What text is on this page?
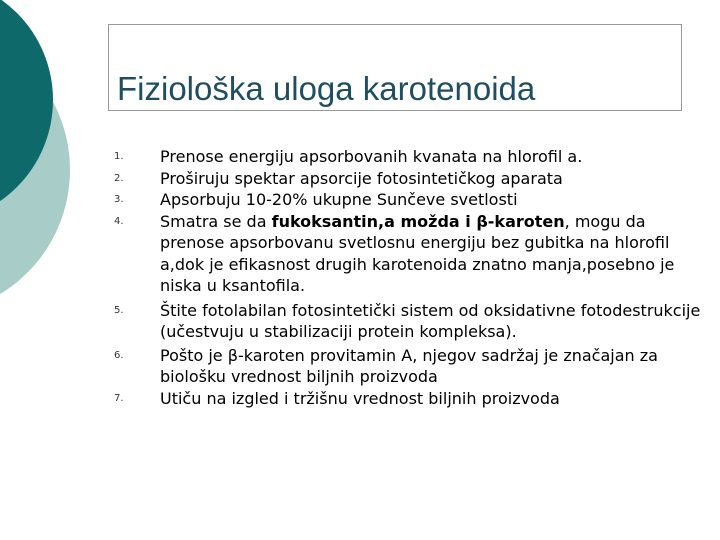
Fiziološka uloga karotenoida
1. Prenose energiju apsorbovanih kvanata na hlorofil a.
2. Proširuju spektar apsorcije fotosintetičkog aparata
3. Apsorbuju 10-20% ukupne Sunčeve svetlosti
4. Smatra se da fukoksantin,a možda i β-karoten, mogu da prenose apsorbovanu svetlosnu energiju bez gubitka na hlorofil a,dok je efikasnost drugih karotenoida znatno manja,posebno je niska u ksantofila.
5. Štite fotolabilan fotosintetički sistem od oksidativne fotodestrukcije (učestvuju u stabilizaciji protein kompleksa).
6. Pošto je β-karoten provitamin A, njegov sadržaj je značajan za biološku vrednost biljnih proizvoda
7. Utiču na izgled i tržišnu vrednost biljnih proizvoda
